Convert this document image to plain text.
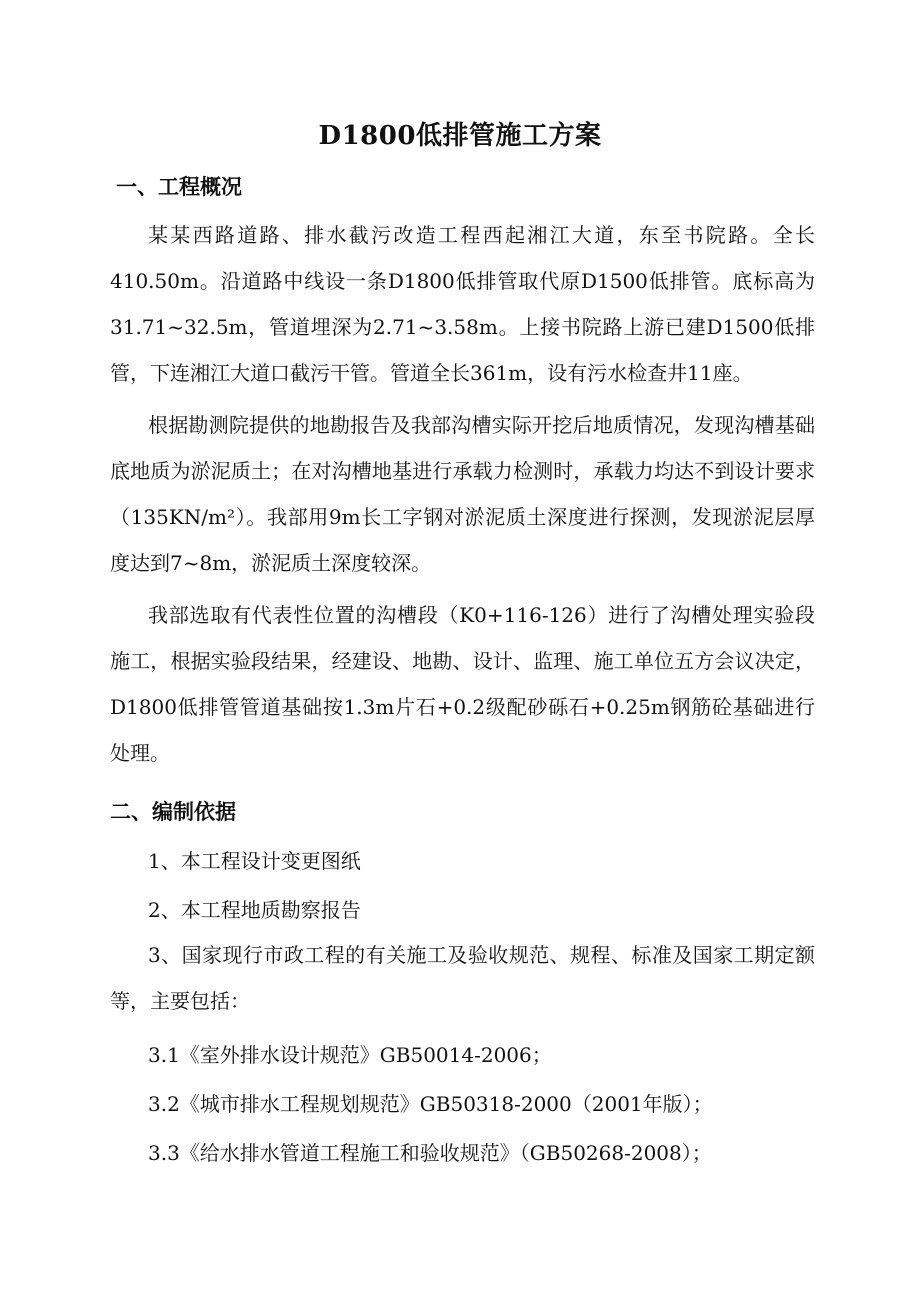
D1800低排管施工方案
一、工程概况
某某西路道路、排水截污改造工程西起湘江大道，东至书院路。全长410.50m。沿道路中线设一条D1800低排管取代原D1500低排管。底标高为31.71~32.5m，管道埋深为2.71~3.58m。上接书院路上游已建D1500低排管，下连湘江大道口截污干管。管道全长361m，设有污水检查井11座。
根据勘测院提供的地勘报告及我部沟槽实际开挖后地质情况，发现沟槽基础底地质为淤泥质土；在对沟槽地基进行承载力检测时，承载力均达不到设计要求（135KN/m²）。我部用9m长工字钢对淤泥质土深度进行探测，发现淤泥层厚度达到7~8m，淤泥质土深度较深。
我部选取有代表性位置的沟槽段（K0+116-126）进行了沟槽处理实验段施工，根据实验段结果，经建设、地勘、设计、监理、施工单位五方会议决定，D1800低排管管道基础按1.3m片石+0.2级配砂砾石+0.25m钢筋砼基础进行处理。
二、编制依据
1、本工程设计变更图纸
2、本工程地质勘察报告
3、国家现行市政工程的有关施工及验收规范、规程、标准及国家工期定额等，主要包括：
3.1《室外排水设计规范》GB50014-2006；
3.2《城市排水工程规划规范》GB50318-2000（2001年版）；
3.3《给水排水管道工程施工和验收规范》（GB50268-2008）；
